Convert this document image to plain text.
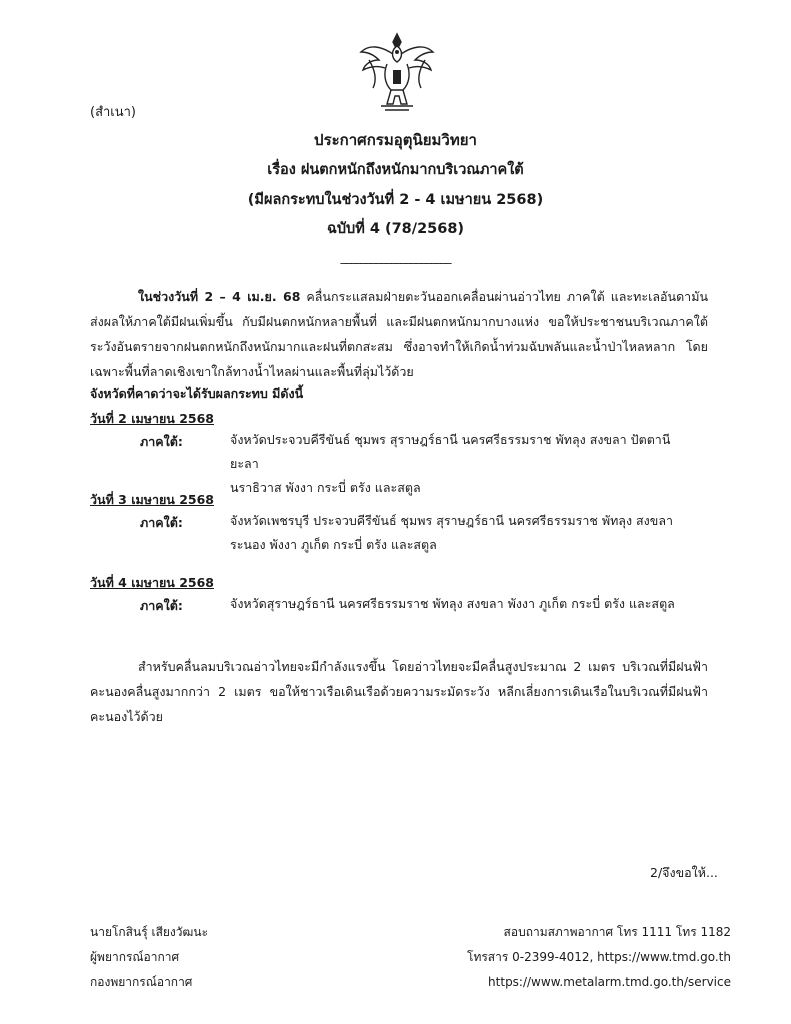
(สำเนา)
ประกาศกรมอุตุนิยมวิทยา
เรื่อง ฝนตกหนักถึงหนักมากบริเวณภาคใต้
(มีผลกระทบในช่วงวันที่ 2 - 4 เมษายน 2568)
ฉบับที่ 4 (78/2568)
______________________
ในช่วงวันที่ 2 – 4 เม.ย. 68 คลื่นกระแสลมฝ่ายตะวันออกเคลื่อนผ่านอ่าวไทย ภาคใต้ และทะเลอันดามัน ส่งผลให้ภาคใต้มีฝนเพิ่มขึ้น กับมีฝนตกหนักหลายพื้นที่ และมีฝนตกหนักมากบางแห่ง ขอให้ประชาชนบริเวณภาคใต้ระวังอันตรายจากฝนตกหนักถึงหนักมากและฝนที่ตกสะสม ซึ่งอาจทำให้เกิดน้ำท่วมฉับพลันและน้ำป่าไหลหลาก โดยเฉพาะพื้นที่ลาดเชิงเขาใกล้ทางน้ำไหลผ่านและพื้นที่ลุ่มไว้ด้วย
จังหวัดที่คาดว่าจะได้รับผลกระทบ มีดังนี้
วันที่ 2 เมษายน 2568
ภาคใต้:	จังหวัดประจวบคีรีขันธ์ ชุมพร สุราษฎร์ธานี นครศรีธรรมราช พัทลุง สงขลา ปัตตานี ยะลา
นราธิวาส พังงา กระบี่ ตรัง และสตูล
วันที่ 3 เมษายน 2568
ภาคใต้:	จังหวัดเพชรบุรี ประจวบคีรีขันธ์ ชุมพร สุราษฎร์ธานี นครศรีธรรมราช พัทลุง สงขลา
ระนอง พังงา ภูเก็ต กระบี่ ตรัง และสตูล
วันที่ 4 เมษายน 2568
ภาคใต้:	จังหวัดสุราษฎร์ธานี นครศรีธรรมราช พัทลุง สงขลา พังงา ภูเก็ต กระบี่ ตรัง และสตูล
สำหรับคลื่นลมบริเวณอ่าวไทยจะมีกำลังแรงขึ้น โดยอ่าวไทยจะมีคลื่นสูงประมาณ 2 เมตร บริเวณที่มีฝนฟ้าคะนองคลื่นสูงมากกว่า 2 เมตร ขอให้ชาวเรือเดินเรือด้วยความระมัดระวัง หลีกเลี่ยงการเดินเรือในบริเวณที่มีฝนฟ้าคะนองไว้ด้วย
2/จึงขอให้...
นายโกสินรุ์ เสียงวัฒนะ
ผู้พยากรณ์อากาศ
กองพยากรณ์อากาศ
สอบถามสภาพอากาศ โทร 1111 โทร 1182
โทรสาร 0-2399-4012, https://www.tmd.go.th
https://www.metalarm.tmd.go.th/service
